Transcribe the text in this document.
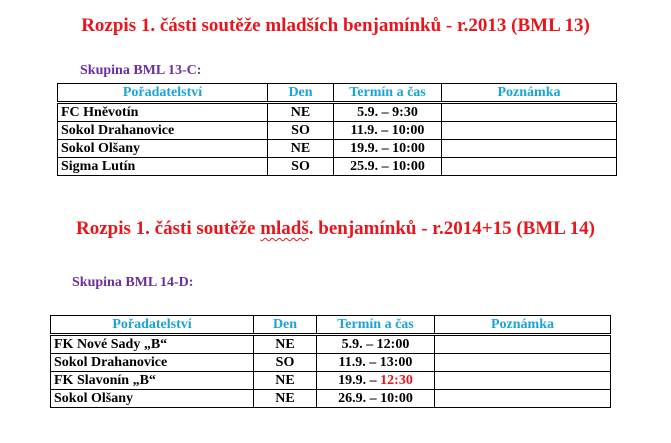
Rozpis 1. části soutěže mladších benjamínků - r.2013 (BML 13)
Skupina BML 13-C:
Pořadatelství	Den	Termín a čas	Poznámka
FC Hněvotín	NE	5.9. – 9:30	
Sokol Drahanovice	SO	11.9. – 10:00	
Sokol Olšany	NE	19.9. – 10:00	
Sigma Lutín	SO	25.9. – 10:00	
Rozpis 1. části soutěže mladš. benjamínků - r.2014+15 (BML 14)
Skupina BML 14-D:
Pořadatelství	Den	Termín a čas	Poznámka
FK Nové Sady „B“	NE	5.9. – 12:00	
Sokol Drahanovice	SO	11.9. – 13:00	
FK Slavonín „B“	NE	19.9. – 12:30	
Sokol Olšany	NE	26.9. – 10:00	
